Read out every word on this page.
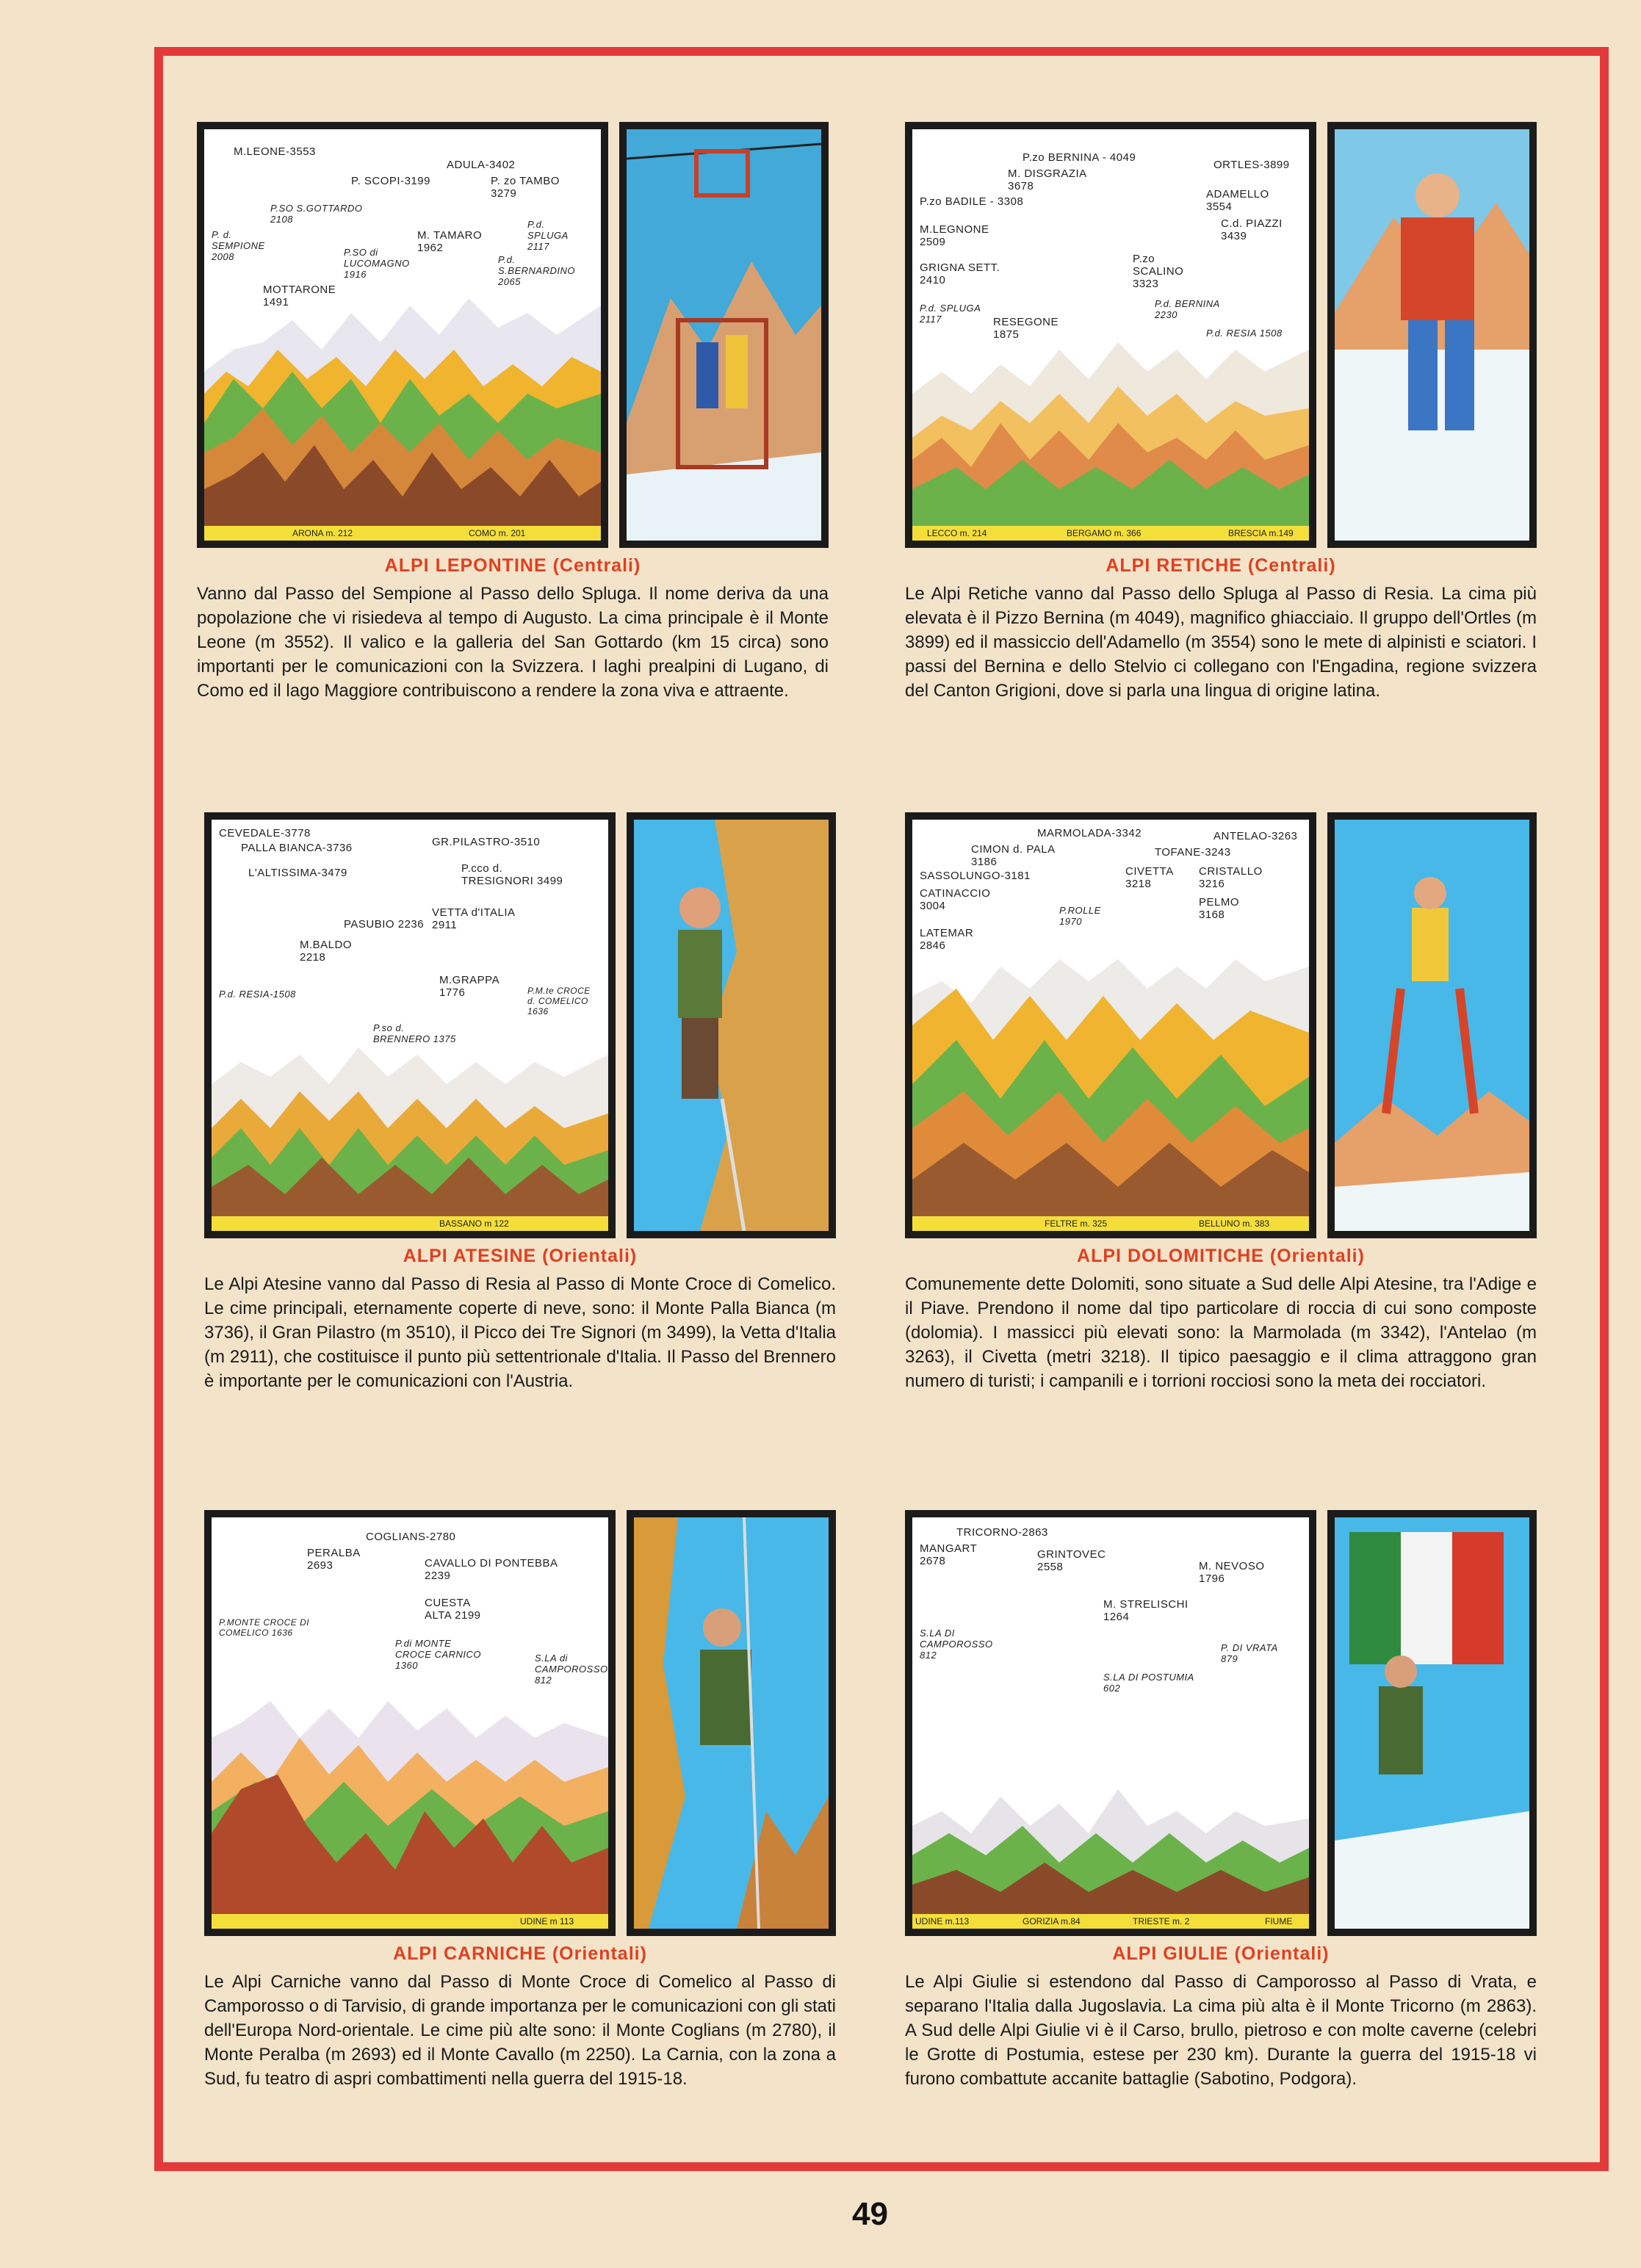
M.LEONE-3553
ADULA-3402
P. SCOPI-3199	P. zo TAMBO 3279
P.SO S.GOTTARDO 2108
P. d. SEMPIONE 2008
P.d. SPLUGA 2117
M. TAMARO 1962
P.SO di LUCOMAGNO 1916
P.d. S.BERNARDINO 2065
MOTTARONE 1491
ARONA m. 212	COMO m. 201
ALPI LEPONTINE (Centrali)
Vanno dal Passo del Sempione al Passo dello Spluga. Il nome deriva da una popolazione che vi risiedeva al tempo di Augusto. La cima principale è il Monte Leone (m 3552). Il valico e la galleria del San Gottardo (km 15 circa) sono importanti per le comunicazioni con la Svizzera. I laghi prealpini di Lugano, di Como ed il lago Maggiore contribuiscono a rendere la zona viva e attraente.
P.zo BERNINA - 4049
M. DISGRAZIA 3678
ORTLES-3899
P.zo BADILE - 3308
ADAMELLO 3554
M.LEGNONE 2509
C.d. PIAZZI 3439
P.zo SCALINO 3323
GRIGNA SETT. 2410
P.d. BERNINA 2230
P.d. SPLUGA 2117	RESEGONE 1875	P.d. RESIA 1508
LECCO m. 214	BERGAMO m. 366	BRESCIA m.149
ALPI RETICHE (Centrali)
Le Alpi Retiche vanno dal Passo dello Spluga al Passo di Resia. La cima più elevata è il Pizzo Bernina (m 4049), magnifico ghiacciaio. Il gruppo dell'Ortles (m 3899) ed il massiccio dell'Adamello (m 3554) sono le mete di alpinisti e sciatori. I passi del Bernina e dello Stelvio ci collegano con l'Engadina, regione svizzera del Canton Grigioni, dove si parla una lingua di origine latina.
CEVEDALE-3778
PALLA BIANCA-3736	GR.PILASTRO-3510
L'ALTISSIMA-3479	P.cco d. TRESIGNORI 3499
VETTA d'ITALIA 2911
PASUBIO 2236
M.BALDO 2218
M.GRAPPA 1776
P.d. RESIA-1508
P.so d. BRENNERO 1375
P.M.te CROCE d. COMELICO 1636
BASSANO m 122
ALPI ATESINE (Orientali)
Le Alpi Atesine vanno dal Passo di Resia al Passo di Monte Croce di Comelico. Le cime principali, eternamente coperte di neve, sono: il Monte Palla Bianca (m 3736), il Gran Pilastro (m 3510), il Picco dei Tre Signori (m 3499), la Vetta d'Italia (m 2911), che costituisce il punto più settentrionale d'Italia. Il Passo del Brennero è importante per le comunicazioni con l'Austria.
MARMOLADA-3342	ANTELAO-3263
CIMON d. PALA 3186
TOFANE-3243
SASSOLUNGO-3181	CIVETTA 3218
CRISTALLO 3216
CATINACCIO 3004	PELMO 3168
P.ROLLE 1970
LATEMAR 2846
FELTRE m. 325	BELLUNO m. 383
ALPI DOLOMITICHE (Orientali)
Comunemente dette Dolomiti, sono situate a Sud delle Alpi Atesine, tra l'Adige e il Piave. Prendono il nome dal tipo particolare di roccia di cui sono composte (dolomia). I massicci più elevati sono: la Marmolada (m 3342), l'Antelao (m 3263), il Civetta (metri 3218). Il tipico paesaggio e il clima attraggono gran numero di turisti; i campanili e i torrioni rocciosi sono la meta dei rocciatori.
COGLIANS-2780
PERALBA 2693	CAVALLO DI PONTEBBA 2239
CUESTA ALTA 2199
P.MONTE CROCE DI COMELICO 1636
P.di MONTE CROCE CARNICO 1360
S.LA di CAMPOROSSO 812
UDINE m 113
ALPI CARNICHE (Orientali)
Le Alpi Carniche vanno dal Passo di Monte Croce di Comelico al Passo di Camporosso o di Tarvisio, di grande importanza per le comunicazioni con gli stati dell'Europa Nord-orientale. Le cime più alte sono: il Monte Coglians (m 2780), il Monte Peralba (m 2693) ed il Monte Cavallo (m 2250). La Carnia, con la zona a Sud, fu teatro di aspri combattimenti nella guerra del 1915-18.
TRICORNO-2863
MANGART 2678
GRINTOVEC 2558	M. NEVOSO 1796
M. STRELISCHI 1264
S.LA DI CAMPOROSSO 812
P. DI VRATA 879
S.LA DI POSTUMIA 602
UDINE m.113	GORIZIA m.84	TRIESTE m. 2	FIUME
ALPI GIULIE (Orientali)
Le Alpi Giulie si estendono dal Passo di Camporosso al Passo di Vrata, e separano l'Italia dalla Jugoslavia. La cima più alta è il Monte Tricorno (m 2863). A Sud delle Alpi Giulie vi è il Carso, brullo, pietroso e con molte caverne (celebri le Grotte di Postumia, estese per 230 km). Durante la guerra del 1915-18 vi furono combattute accanite battaglie (Sabotino, Podgora).
49
